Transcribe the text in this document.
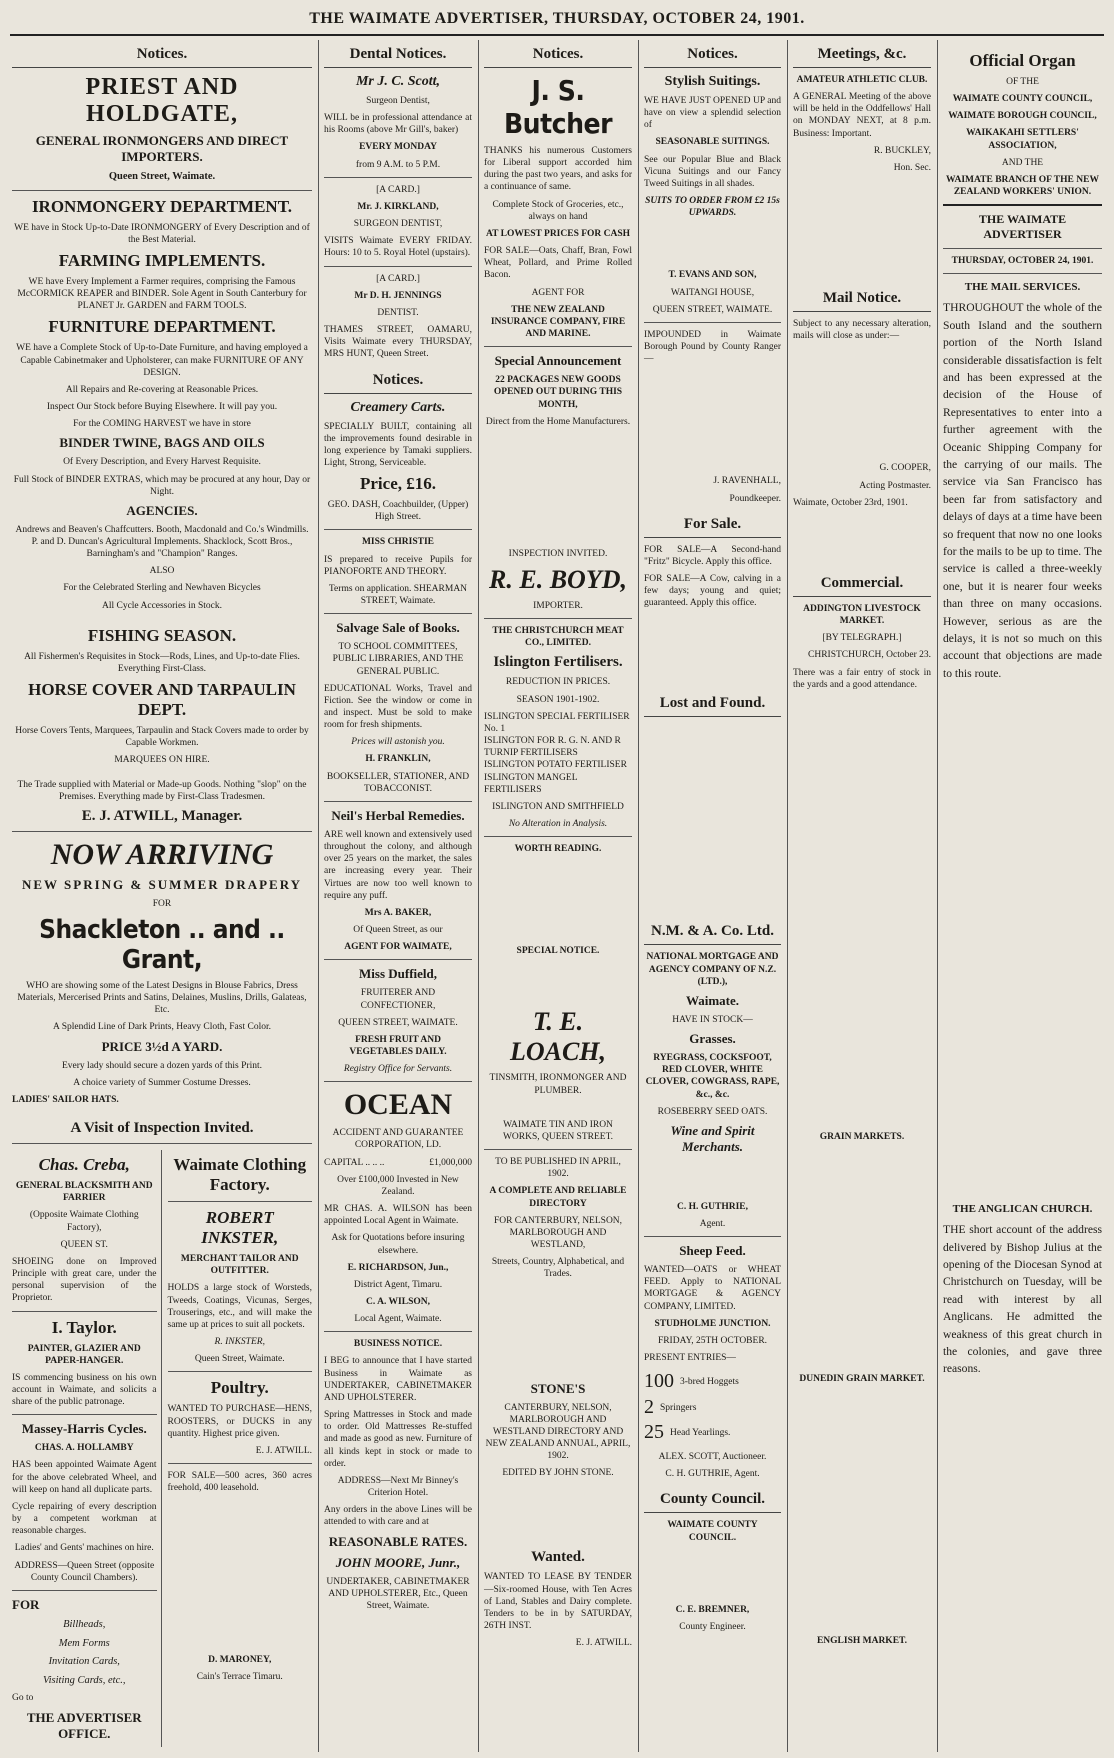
THE WAIMATE ADVERTISER, THURSDAY, OCTOBER 24, 1901.
Notices.
PRIEST AND HOLDGATE,
GENERAL IRONMONGERS AND DIRECT IMPORTERS.
Queen Street, Waimate.
IRONMONGERY DEPARTMENT.
WE have in Stock Up-to-Date IRONMONGERY of Every Description and of the Best Material.
FARMING IMPLEMENTS.
WE have Every Implement a Farmer requires, comprising the Famous McCORMICK REAPER and BINDER. Sole Agent in South Canterbury for PLANET Jr. GARDEN and FARM TOOLS.
FURNITURE DEPARTMENT.
WE have a Complete Stock of Up-to-Date Furniture, and having employed a Capable Cabinetmaker and Upholsterer, can make FURNITURE OF ANY DESIGN.
All Repairs and Re-covering at Reasonable Prices.
Inspect Our Stock before Buying Elsewhere. It will pay you.
For the COMING HARVEST we have in store
BINDER TWINE, BAGS AND OILS
Of Every Description, and Every Harvest Requisite.
Full Stock of BINDER EXTRAS, which may be procured at any hour, Day or Night.
AGENCIES.
Andrews and Beaven's Chaffcutters. Booth, Macdonald and Co.'s Windmills. P. and D. Duncan's Agricultural Implements. Shacklock, Scott Bros., Barningham's and "Champion" Ranges.
ALSO
For the Celebrated Sterling and Newhaven Bicycles
All Cycle Accessories in Stock.
FISHING SEASON.
All Fishermen's Requisites in Stock—Rods, Lines, and Up-to-date Flies. Everything First-Class.
HORSE COVER AND TARPAULIN DEPT.
Horse Covers Tents, Marquees, Tarpaulin and Stack Covers made to order by Capable Workmen.
MARQUEES ON HIRE.
The Trade supplied with Material or Made-up Goods. Nothing "slop" on the Premises. Everything made by First-Class Tradesmen.
E. J. ATWILL, Manager.
NOW ARRIVING
NEW SPRING & SUMMER DRAPERY
FOR
Shackleton .. and .. Grant,
WHO are showing some of the Latest Designs in Blouse Fabrics, Dress Materials, Mercerised Prints and Satins, Delaines, Muslins, Drills, Galateas, Etc.
A Splendid Line of Dark Prints, Heavy Cloth, Fast Color.
PRICE 3½d A YARD.
Every lady should secure a dozen yards of this Print.
A choice variety of Summer Costume Dresses.
LADIES' SAILOR HATS.
A Visit of Inspection Invited.
Chas. Creba,
GENERAL BLACKSMITH AND FARRIER
(Opposite Waimate Clothing Factory),
QUEEN ST.
SHOEING done on Improved Principle with great care, under the personal supervision of the Proprietor.
I. Taylor.
PAINTER, GLAZIER AND PAPER-HANGER.
IS commencing business on his own account in Waimate, and solicits a share of the public patronage.
Massey-Harris Cycles.
CHAS. A. HOLLAMBY
HAS been appointed Waimate Agent for the above celebrated Wheel, and will keep on hand all duplicate parts.
Cycle repairing of every description by a competent workman at reasonable charges.
Ladies' and Gents' machines on hire.
ADDRESS—Queen Street (opposite County Council Chambers).
FOR
Billheads,
Mem Forms
Invitation Cards,
Visiting Cards, etc.,
Go to
THE ADVERTISER OFFICE.
Waimate Clothing Factory.
ROBERT INKSTER,
MERCHANT TAILOR AND OUTFITTER.
HOLDS a large stock of Worsteds, Tweeds, Coatings, Vicunas, Serges, Trouserings, etc., and will make the same up at prices to suit all pockets.
R. INKSTER,
Queen Street, Waimate.
Poultry.
WANTED TO PURCHASE—HENS, ROOSTERS, or DUCKS in any quantity. Highest price given.
E. J. ATWILL.
FOR SALE—500 acres, 360 acres freehold, 400 leasehold.
D. MARONEY,
Cain's Terrace Timaru.
Dental Notices.
Mr J. C. Scott,
Surgeon Dentist,
WILL be in professional attendance at his Rooms (above Mr Gill's, baker)
EVERY MONDAY
from 9 A.M. to 5 P.M.
[A CARD.]
Mr. J. KIRKLAND,
SURGEON DENTIST,
VISITS Waimate EVERY FRIDAY. Hours: 10 to 5. Royal Hotel (upstairs).
[A CARD.]
Mr D. H. JENNINGS
DENTIST.
THAMES STREET, OAMARU, Visits Waimate every THURSDAY, MRS HUNT, Queen Street.
Notices.
Creamery Carts.
SPECIALLY BUILT, containing all the improvements found desirable in long experience by Tamaki suppliers. Light, Strong, Serviceable.
Price, £16.
GEO. DASH, Coachbuilder, (Upper) High Street.
MISS CHRISTIE
IS prepared to receive Pupils for PIANOFORTE AND THEORY.
Terms on application. SHEARMAN STREET, Waimate.
Salvage Sale of Books.
TO SCHOOL COMMITTEES, PUBLIC LIBRARIES, AND THE GENERAL PUBLIC.
EDUCATIONAL Works, Travel and Fiction. See the window or come in and inspect. Must be sold to make room for fresh shipments.
Prices will astonish you.
H. FRANKLIN,
BOOKSELLER, STATIONER, AND TOBACCONIST.
Neil's Herbal Remedies.
ARE well known and extensively used throughout the colony, and although over 25 years on the market, the sales are increasing every year. Their Virtues are now too well known to require any puff.
Mrs A. BAKER,
Of Queen Street, as our
AGENT FOR WAIMATE,
Miss Duffield,
FRUITERER AND CONFECTIONER,
QUEEN STREET, WAIMATE.
FRESH FRUIT AND VEGETABLES DAILY.
Registry Office for Servants.
OCEAN
ACCIDENT AND GUARANTEE CORPORATION, LD.
CAPITAL .. .. ..	£1,000,000
Over £100,000 Invested in New Zealand.
MR CHAS. A. WILSON has been appointed Local Agent in Waimate.
Ask for Quotations before insuring elsewhere.
E. RICHARDSON, Jun.,
District Agent, Timaru.
C. A. WILSON,
Local Agent, Waimate.
BUSINESS NOTICE.
I BEG to announce that I have started Business in Waimate as UNDERTAKER, CABINETMAKER AND UPHOLSTERER.
Spring Mattresses in Stock and made to order. Old Mattresses Re-stuffed and made as good as new. Furniture of all kinds kept in stock or made to order.
ADDRESS—Next Mr Binney's Criterion Hotel.
Any orders in the above Lines will be attended to with care and at
REASONABLE RATES.
JOHN MOORE, Junr.,
UNDERTAKER, CABINETMAKER AND UPHOLSTERER, Etc., Queen Street, Waimate.
Notices.
J. S. Butcher
THANKS his numerous Customers for Liberal support accorded him during the past two years, and asks for a continuance of same.
Complete Stock of Groceries, etc., always on hand
AT LOWEST PRICES FOR CASH
FOR SALE—Oats, Chaff, Bran, Fowl Wheat, Pollard, and Prime Rolled Bacon.
AGENT FOR
THE NEW ZEALAND INSURANCE COMPANY, FIRE AND MARINE.
Special Announcement
22 PACKAGES NEW GOODS OPENED OUT DURING THIS MONTH,
Direct from the Home Manufacturers.
INSPECTION INVITED.
R. E. BOYD,
IMPORTER.
THE CHRISTCHURCH MEAT CO., LIMITED.
Islington Fertilisers.
REDUCTION IN PRICES.
SEASON 1901-1902.
ISLINGTON SPECIAL FERTILISER No. 1
ISLINGTON FOR R. G. N. AND R TURNIP FERTILISERS
ISLINGTON POTATO FERTILISER
ISLINGTON MANGEL FERTILISERS
ISLINGTON AND SMITHFIELD
No Alteration in Analysis.
WORTH READING.
SPECIAL NOTICE.
T. E. LOACH,
TINSMITH, IRONMONGER AND PLUMBER.
WAIMATE TIN AND IRON WORKS, QUEEN STREET.
TO BE PUBLISHED IN APRIL, 1902.
A COMPLETE AND RELIABLE DIRECTORY
FOR CANTERBURY, NELSON, MARLBOROUGH AND WESTLAND,
Streets, Country, Alphabetical, and Trades.
STONE'S
CANTERBURY, NELSON, MARLBOROUGH AND WESTLAND DIRECTORY AND NEW ZEALAND ANNUAL, APRIL, 1902.
EDITED BY JOHN STONE.
Wanted.
WANTED TO LEASE BY TENDER—Six-roomed House, with Ten Acres of Land, Stables and Dairy complete. Tenders to be in by SATURDAY, 26TH INST.
E. J. ATWILL.
Notices.
Stylish Suitings.
WE HAVE JUST OPENED UP and have on view a splendid selection of
SEASONABLE SUITINGS.
See our Popular Blue and Black Vicuna Suitings and our Fancy Tweed Suitings in all shades.
SUITS TO ORDER FROM £2 15s UPWARDS.
T. EVANS AND SON,
WAITANGI HOUSE,
QUEEN STREET, WAIMATE.
IMPOUNDED in Waimate Borough Pound by County Ranger—
J. RAVENHALL,
Poundkeeper.
For Sale.
FOR SALE—A Second-hand "Fritz" Bicycle. Apply this office.
FOR SALE—A Cow, calving in a few days; young and quiet; guaranteed. Apply this office.
Lost and Found.
N.M. & A. Co. Ltd.
NATIONAL MORTGAGE AND AGENCY COMPANY OF N.Z. (LTD.),
Waimate.
HAVE IN STOCK—
Grasses.
RYEGRASS, COCKSFOOT, RED CLOVER, WHITE CLOVER, COWGRASS, RAPE, &c., &c.
ROSEBERRY SEED OATS.
Wine and Spirit Merchants.
C. H. GUTHRIE,
Agent.
Sheep Feed.
WANTED—OATS or WHEAT FEED. Apply to NATIONAL MORTGAGE & AGENCY COMPANY, LIMITED.
STUDHOLME JUNCTION.
FRIDAY, 25TH OCTOBER.
PRESENT ENTRIES—
100 3-bred Hoggets
2 Springers
25 Head Yearlings.
ALEX. SCOTT, Auctioneer.
C. H. GUTHRIE, Agent.
County Council.
WAIMATE COUNTY COUNCIL.
C. E. BREMNER,
County Engineer.
Meetings, &c.
AMATEUR ATHLETIC CLUB.
A GENERAL Meeting of the above will be held in the Oddfellows' Hall on MONDAY NEXT, at 8 p.m. Business: Important.
R. BUCKLEY,
Hon. Sec.
Mail Notice.
Subject to any necessary alteration, mails will close as under:—
G. COOPER,
Acting Postmaster.
Waimate, October 23rd, 1901.
Commercial.
ADDINGTON LIVESTOCK MARKET.
[BY TELEGRAPH.]
CHRISTCHURCH, October 23.
There was a fair entry of stock in the yards and a good attendance.
GRAIN MARKETS.
DUNEDIN GRAIN MARKET.
ENGLISH MARKET.
Official Organ
OF THE
WAIMATE COUNTY COUNCIL,
WAIMATE BOROUGH COUNCIL,
WAIKAKAHI SETTLERS' ASSOCIATION,
AND THE
WAIMATE BRANCH OF THE NEW ZEALAND WORKERS' UNION.
THE WAIMATE ADVERTISER
THURSDAY, OCTOBER 24, 1901.
THE MAIL SERVICES.
THROUGHOUT the whole of the South Island and the southern portion of the North Island considerable dissatisfaction is felt and has been expressed at the decision of the House of Representatives to enter into a further agreement with the Oceanic Shipping Company for the carrying of our mails. The service via San Francisco has been far from satisfactory and delays of days at a time have been so frequent that now no one looks for the mails to be up to time. The service is called a three-weekly one, but it is nearer four weeks than three on many occasions. However, serious as are the delays, it is not so much on this account that objections are made to this route.
THE ANGLICAN CHURCH.
THE short account of the address delivered by Bishop Julius at the opening of the Diocesan Synod at Christchurch on Tuesday, will be read with interest by all Anglicans. He admitted the weakness of this great church in the colonies, and gave three reasons.
